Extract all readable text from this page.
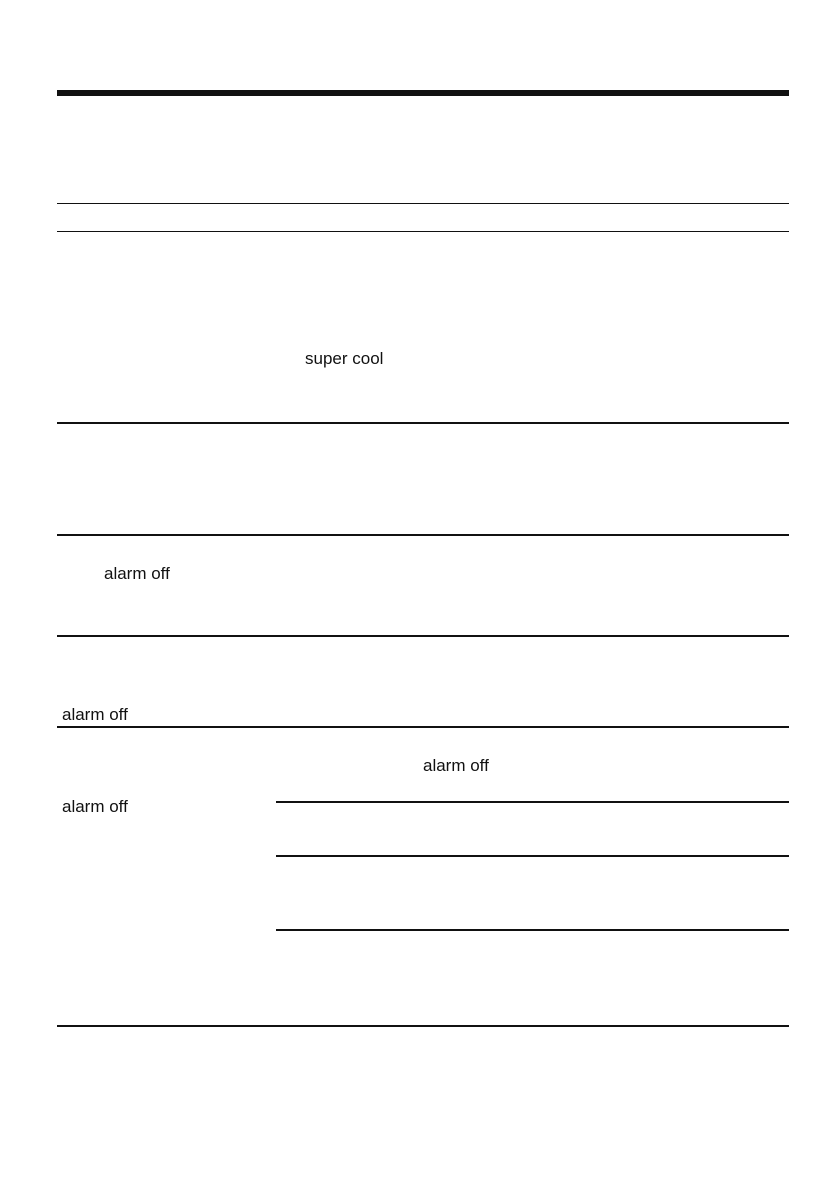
super cool
alarm off
alarm off
alarm off
alarm off
